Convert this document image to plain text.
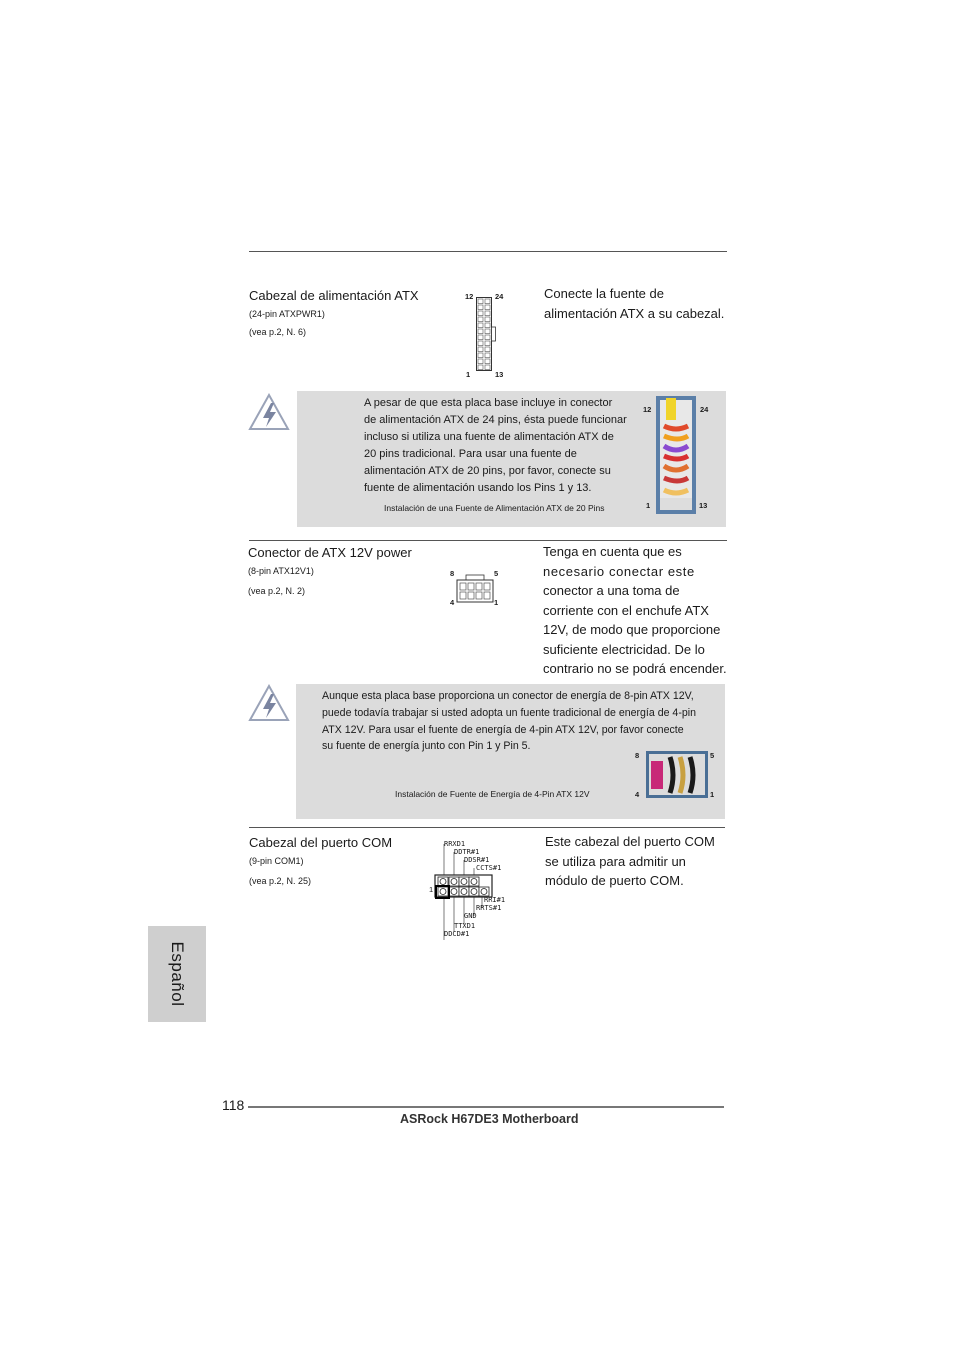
Cabezal de alimentación ATX
(24-pin ATXPWR1)
(vea p.2, N. 6)
12	24
1	13
Conecte la fuente de
alimentación ATX a su cabezal.
A pesar de que esta placa base incluye in conector
de alimentación ATX de 24 pins, ésta puede funcionar
incluso si utiliza una fuente de alimentación ATX de
20 pins tradicional. Para usar una fuente de
alimentación ATX de 20 pins, por favor, conecte su
fuente de alimentación usando los Pins 1 y 13.
Instalación de una Fuente de Alimentación ATX de 20 Pins
12	24
1	13
Conector de ATX 12V power
(8-pin ATX12V1)
(vea p.2, N. 2)
8	5
4	1
Tenga en cuenta que es
necesario conectar este
conector a una toma de
corriente con el enchufe ATX
12V, de modo que proporcione
suficiente electricidad. De lo
contrario no se podrá encender.
Aunque esta placa base proporciona un conector de energía de 8-pin ATX 12V,
puede todavía trabajar si usted adopta un fuente tradicional de energía de 4-pin
ATX 12V. Para usar el fuente de energía de 4-pin ATX 12V, por favor conecte
su fuente de energía junto con Pin 1 y Pin 5.
Instalación de Fuente de Energía de 4-Pin ATX 12V
8	5
4	1
Cabezal del puerto COM
(9-pin COM1)
(vea p.2, N. 25)
1
RRXD1
DDTR#1
DDSR#1
CCTS#1
RRI#1
RRTS#1
GND
TTXD1
DDCD#1
Este cabezal del puerto COM
se utiliza para admitir un
módulo de puerto COM.
Español
118
ASRock H67DE3 Motherboard
